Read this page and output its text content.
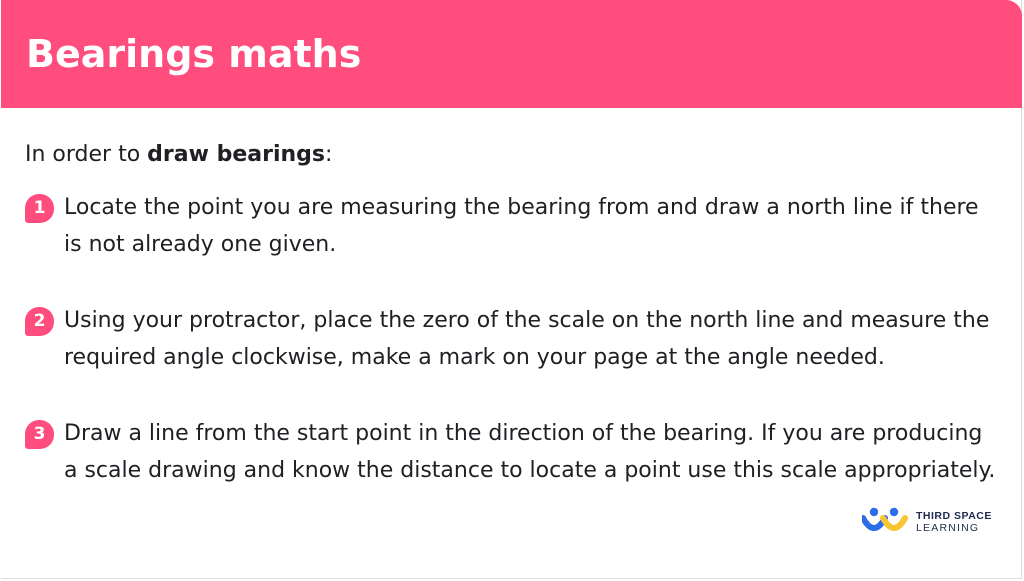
Bearings maths

In order to draw bearings:

1 Locate the point you are measuring the bearing from and draw a north line if there is not already one given.

2 Using your protractor, place the zero of the scale on the north line and measure the required angle clockwise, make a mark on your page at the angle needed.

3 Draw a line from the start point in the direction of the bearing. If you are producing a scale drawing and know the distance to locate a point use this scale appropriately.

THIRD SPACE
LEARNING
